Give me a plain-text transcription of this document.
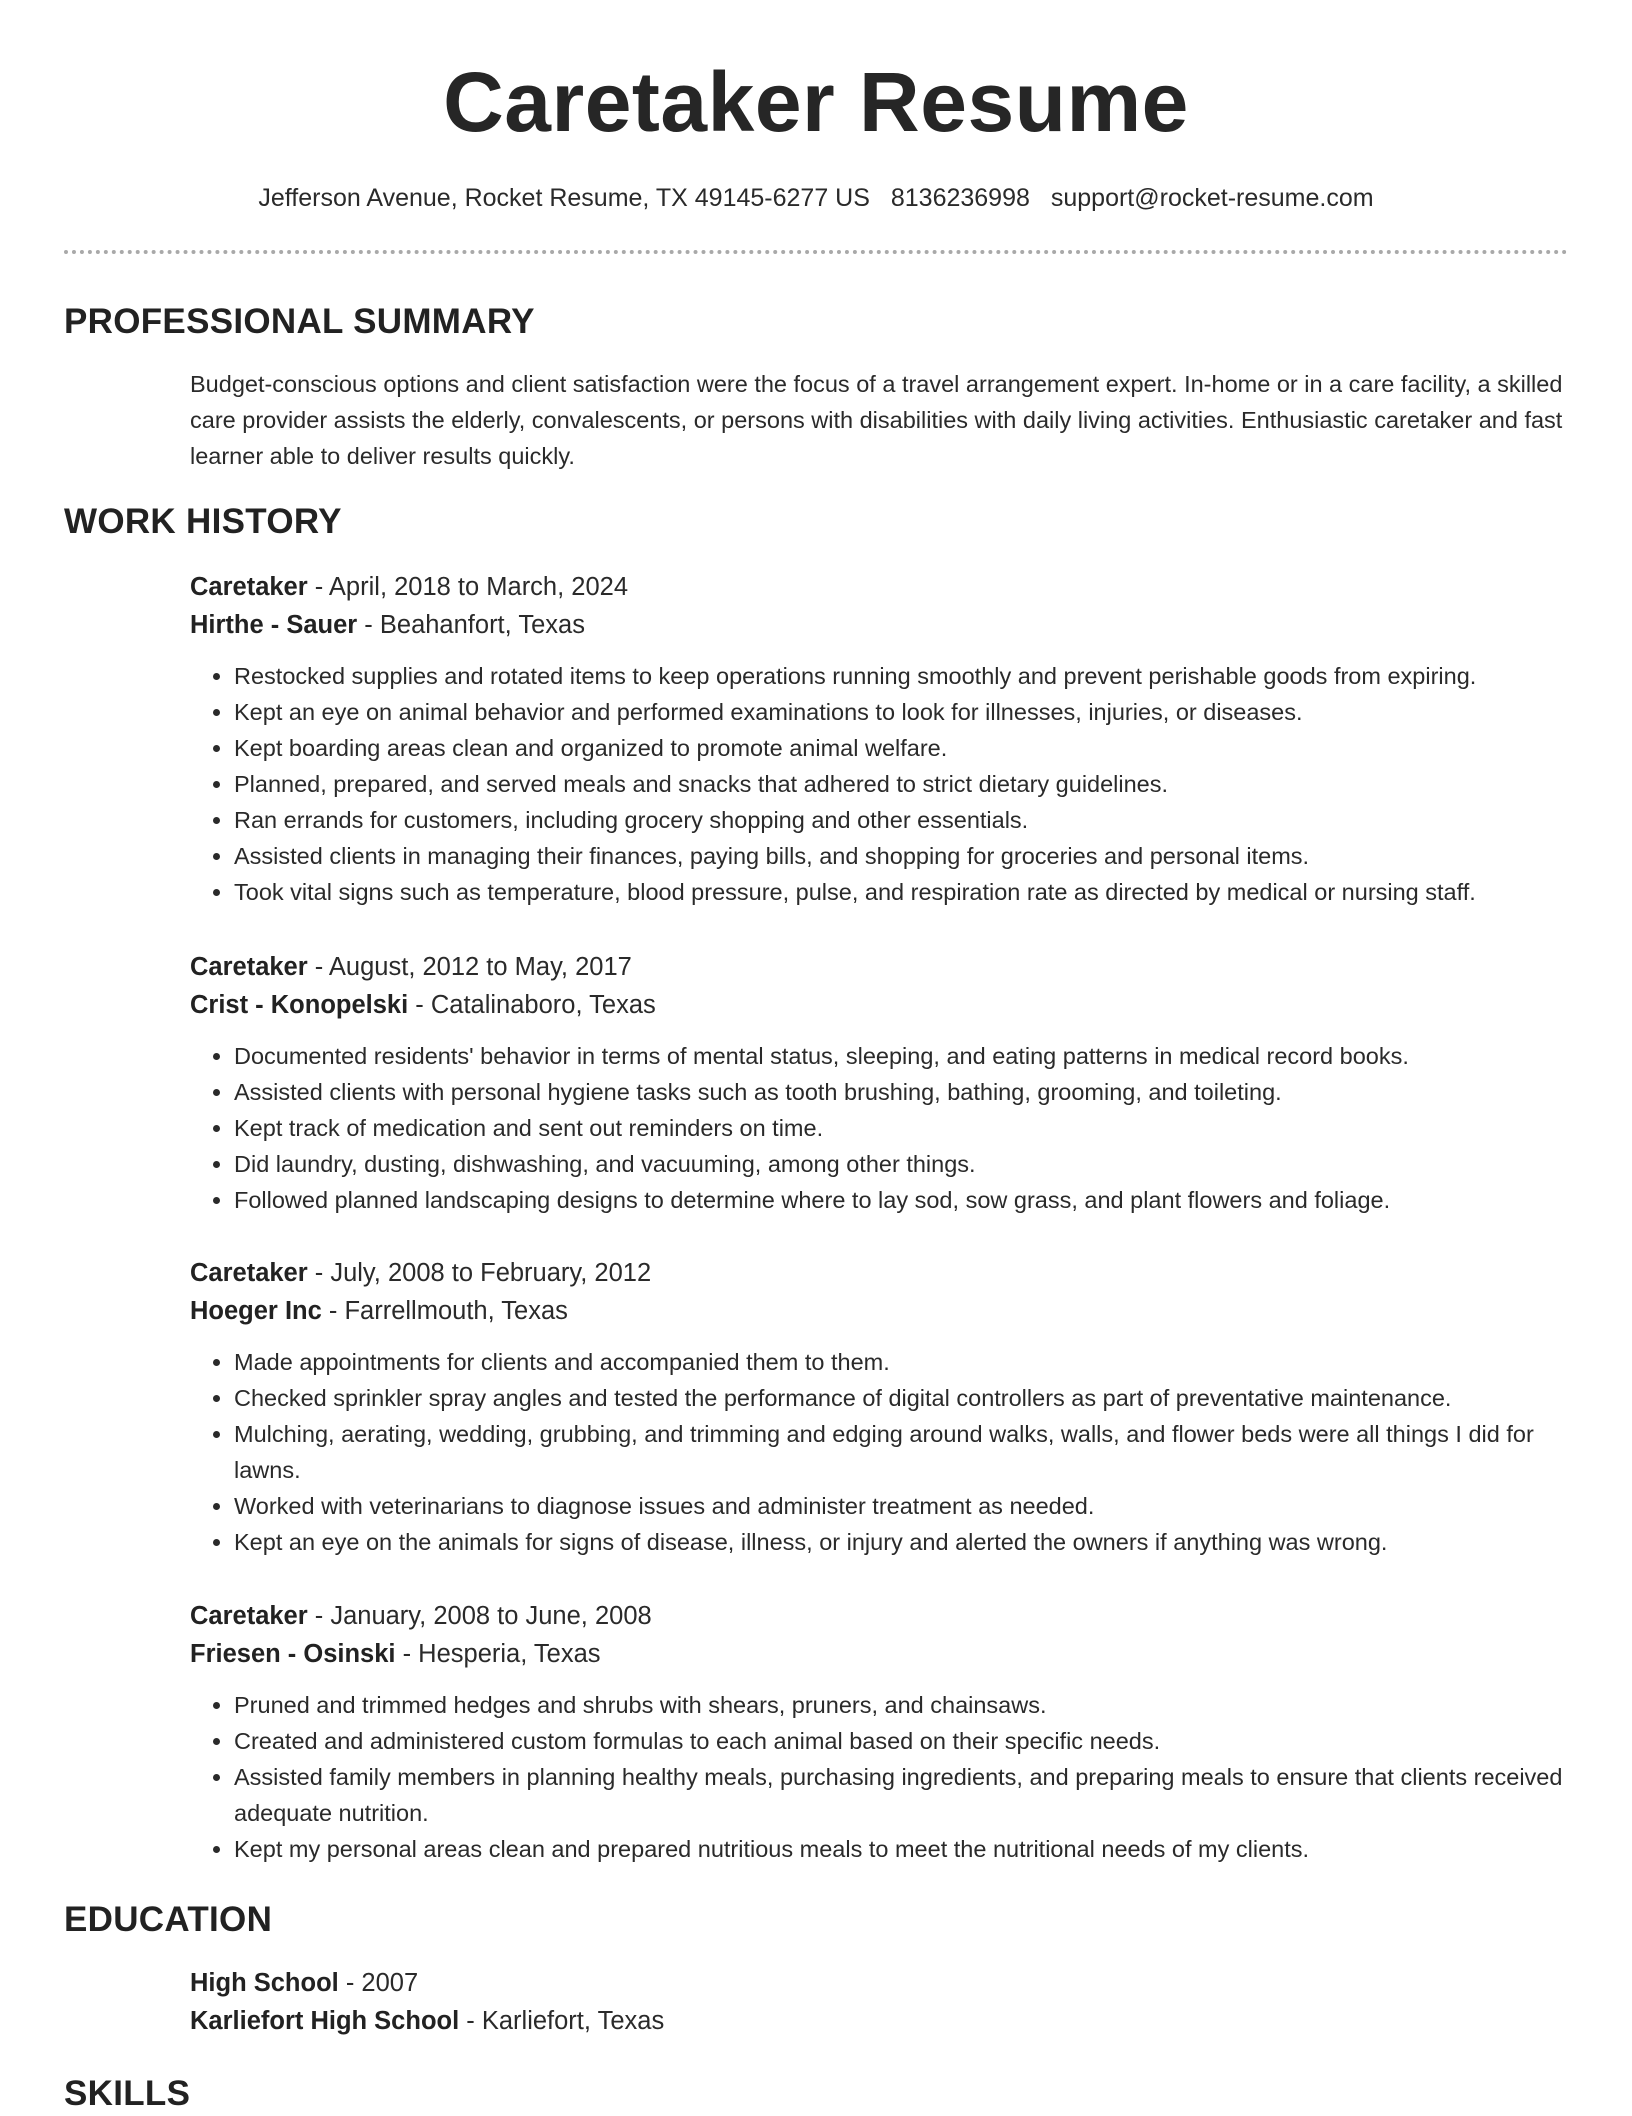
Caretaker Resume
Jefferson Avenue, Rocket Resume, TX 49145-6277 US 8136236998 support@rocket-resume.com
PROFESSIONAL SUMMARY
Budget-conscious options and client satisfaction were the focus of a travel arrangement expert. In-home or in a care facility, a skilled care provider assists the elderly, convalescents, or persons with disabilities with daily living activities. Enthusiastic caretaker and fast learner able to deliver results quickly.
WORK HISTORY
Caretaker - April, 2018 to March, 2024
Hirthe - Sauer - Beahanfort, Texas
• Restocked supplies and rotated items to keep operations running smoothly and prevent perishable goods from expiring.
• Kept an eye on animal behavior and performed examinations to look for illnesses, injuries, or diseases.
• Kept boarding areas clean and organized to promote animal welfare.
• Planned, prepared, and served meals and snacks that adhered to strict dietary guidelines.
• Ran errands for customers, including grocery shopping and other essentials.
• Assisted clients in managing their finances, paying bills, and shopping for groceries and personal items.
• Took vital signs such as temperature, blood pressure, pulse, and respiration rate as directed by medical or nursing staff.
Caretaker - August, 2012 to May, 2017
Crist - Konopelski - Catalinaboro, Texas
• Documented residents' behavior in terms of mental status, sleeping, and eating patterns in medical record books.
• Assisted clients with personal hygiene tasks such as tooth brushing, bathing, grooming, and toileting.
• Kept track of medication and sent out reminders on time.
• Did laundry, dusting, dishwashing, and vacuuming, among other things.
• Followed planned landscaping designs to determine where to lay sod, sow grass, and plant flowers and foliage.
Caretaker - July, 2008 to February, 2012
Hoeger Inc - Farrellmouth, Texas
• Made appointments for clients and accompanied them to them.
• Checked sprinkler spray angles and tested the performance of digital controllers as part of preventative maintenance.
• Mulching, aerating, wedding, grubbing, and trimming and edging around walks, walls, and flower beds were all things I did for lawns.
• Worked with veterinarians to diagnose issues and administer treatment as needed.
• Kept an eye on the animals for signs of disease, illness, or injury and alerted the owners if anything was wrong.
Caretaker - January, 2008 to June, 2008
Friesen - Osinski - Hesperia, Texas
• Pruned and trimmed hedges and shrubs with shears, pruners, and chainsaws.
• Created and administered custom formulas to each animal based on their specific needs.
• Assisted family members in planning healthy meals, purchasing ingredients, and preparing meals to ensure that clients received adequate nutrition.
• Kept my personal areas clean and prepared nutritious meals to meet the nutritional needs of my clients.
EDUCATION
High School - 2007
Karliefort High School - Karliefort, Texas
SKILLS
